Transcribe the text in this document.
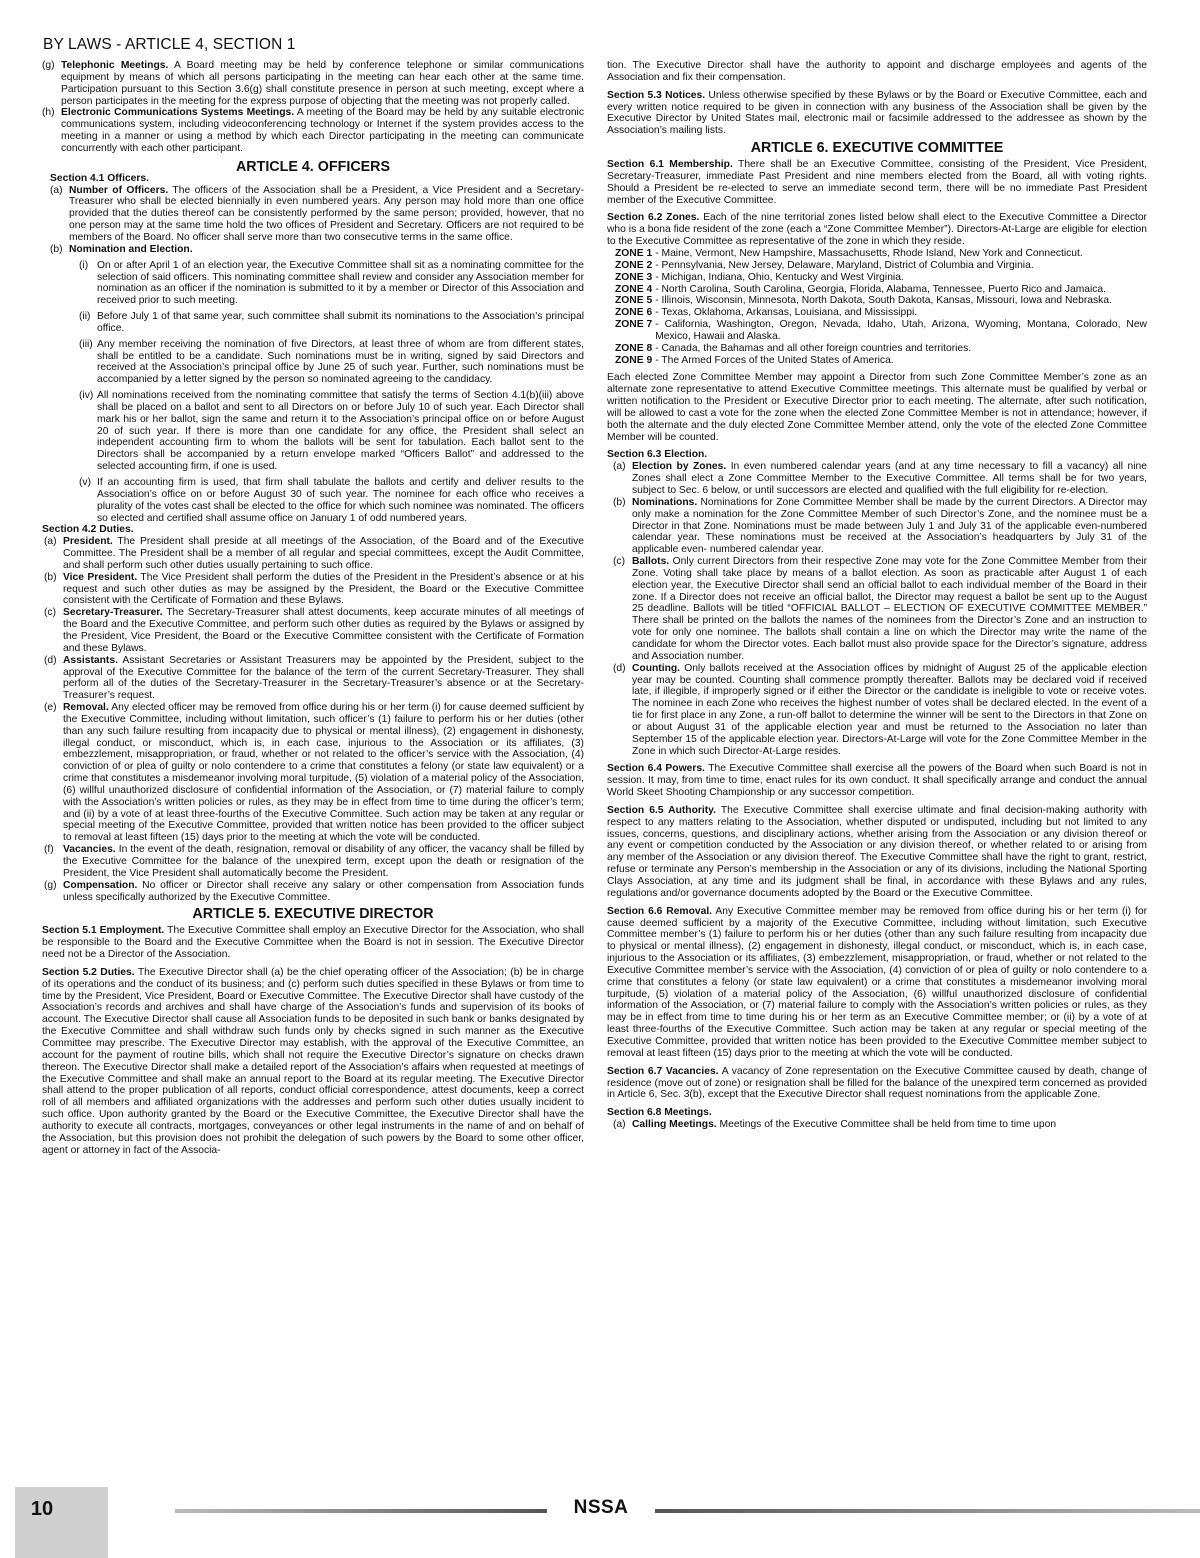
BY LAWS - ARTICLE 4, SECTION 1
(g) Telephonic Meetings. A Board meeting may be held by conference telephone or similar communications equipment by means of which all persons participating in the meeting can hear each other at the same time. Participation pursuant to this Section 3.6(g) shall constitute presence in person at such meeting, except where a person participates in the meeting for the express purpose of objecting that the meeting was not properly called.
(h) Electronic Communications Systems Meetings. A meeting of the Board may be held by any suitable electronic communications system, including videoconferencing technology or Internet if the system provides access to the meeting in a manner or using a method by which each Director participating in the meeting can communicate concurrently with each other participant.
ARTICLE 4. OFFICERS
Section 4.1 Officers.
(a) Number of Officers. The officers of the Association shall be a President, a Vice President and a Secretary-Treasurer who shall be elected biennially in even numbered years. Any person may hold more than one office provided that the duties thereof can be consistently performed by the same person; provided, however, that no one person may at the same time hold the two offices of President and Secretary. Officers are not required to be members of the Board. No officer shall serve more than two consecutive terms in the same office.
(b) Nomination and Election.
(i) On or after April 1 of an election year, the Executive Committee shall sit as a nominating committee for the selection of said officers. This nominating committee shall review and consider any Association member for nomination as an officer if the nomination is submitted to it by a member or Director of this Association and received prior to such meeting.
(ii) Before July 1 of that same year, such committee shall submit its nominations to the Association’s principal office.
(iii) Any member receiving the nomination of five Directors, at least three of whom are from different states, shall be entitled to be a candidate. Such nominations must be in writing, signed by said Directors and received at the Association’s principal office by June 25 of such year. Further, such nominations must be accompanied by a letter signed by the person so nominated agreeing to the candidacy.
(iv) All nominations received from the nominating committee that satisfy the terms of Section 4.1(b)(iii) above shall be placed on a ballot and sent to all Directors on or before July 10 of such year. Each Director shall mark his or her ballot, sign the same and return it to the Association’s principal office on or before August 20 of such year. If there is more than one candidate for any office, the President shall select an independent accounting firm to whom the ballots will be sent for tabulation. Each ballot sent to the Directors shall be accompanied by a return envelope marked “Officers Ballot” and addressed to the selected accounting firm, if one is used.
(v) If an accounting firm is used, that firm shall tabulate the ballots and certify and deliver results to the Association’s office on or before August 30 of such year. The nominee for each office who receives a plurality of the votes cast shall be elected to the office for which such nominee was nominated. The officers so elected and certified shall assume office on January 1 of odd numbered years.
Section 4.2 Duties.
(a) President. The President shall preside at all meetings of the Association, of the Board and of the Executive Committee. The President shall be a member of all regular and special committees, except the Audit Committee, and shall perform such other duties usually pertaining to such office.
(b) Vice President. The Vice President shall perform the duties of the President in the President’s absence or at his request and such other duties as may be assigned by the President, the Board or the Executive Committee consistent with the Certificate of Formation and these Bylaws.
(c) Secretary-Treasurer. The Secretary-Treasurer shall attest documents, keep accurate minutes of all meetings of the Board and the Executive Committee, and perform such other duties as required by the Bylaws or assigned by the President, Vice President, the Board or the Executive Committee consistent with the Certificate of Formation and these Bylaws.
(d) Assistants. Assistant Secretaries or Assistant Treasurers may be appointed by the President, subject to the approval of the Executive Committee for the balance of the term of the current Secretary-Treasurer. They shall perform all of the duties of the Secretary-Treasurer in the Secretary-Treasurer’s absence or at the Secretary-Treasurer’s request.
(e) Removal. Any elected officer may be removed from office during his or her term (i) for cause deemed sufficient by the Executive Committee, including without limitation, such officer’s (1) failure to perform his or her duties (other than any such failure resulting from incapacity due to physical or mental illness), (2) engagement in dishonesty, illegal conduct, or misconduct, which is, in each case, injurious to the Association or its affiliates, (3) embezzlement, misappropriation, or fraud, whether or not related to the officer’s service with the Association, (4) conviction of or plea of guilty or nolo contendere to a crime that constitutes a felony (or state law equivalent) or a crime that constitutes a misdemeanor involving moral turpitude, (5) violation of a material policy of the Association, (6) willful unauthorized disclosure of confidential information of the Association, or (7) material failure to comply with the Association’s written policies or rules, as they may be in effect from time to time during the officer’s term; and (ii) by a vote of at least three-fourths of the Executive Committee. Such action may be taken at any regular or special meeting of the Executive Committee, provided that written notice has been provided to the officer subject to removal at least fifteen (15) days prior to the meeting at which the vote will be conducted.
(f) Vacancies. In the event of the death, resignation, removal or disability of any officer, the vacancy shall be filled by the Executive Committee for the balance of the unexpired term, except upon the death or resignation of the President, the Vice President shall automatically become the President.
(g) Compensation. No officer or Director shall receive any salary or other compensation from Association funds unless specifically authorized by the Executive Committee.
ARTICLE 5. EXECUTIVE DIRECTOR

Section 5.1 Employment. The Executive Committee shall employ an Executive Director for the Association, who shall be responsible to the Board and the Executive Committee when the Board is not in session. The Executive Director need not be a Director of the Association.

Section 5.2 Duties. The Executive Director shall (a) be the chief operating officer of the Association; (b) be in charge of its operations and the conduct of its business; and (c) perform such duties specified in these Bylaws or from time to time by the President, Vice President, Board or Executive Committee. The Executive Director shall have custody of the Association’s records and archives and shall have charge of the Association’s funds and supervision of its books of account. The Executive Director shall cause all Association funds to be deposited in such bank or banks designated by the Executive Committee and shall withdraw such funds only by checks signed in such manner as the Executive Committee may prescribe. The Executive Director may establish, with the approval of the Executive Committee, an account for the payment of routine bills, which shall not require the Executive Director’s signature on checks drawn thereon. The Executive Director shall make a detailed report of the Association’s affairs when requested at meetings of the Executive Committee and shall make an annual report to the Board at its regular meeting. The Executive Director shall attend to the proper publication of all reports, conduct official correspondence, attest documents, keep a correct roll of all members and affiliated organizations with the addresses and perform such other duties usually incident to such office. Upon authority granted by the Board or the Executive Committee, the Executive Director shall have the authority to execute all contracts, mortgages, conveyances or other legal instruments in the name of and on behalf of the Association, but this provision does not prohibit the delegation of such powers by the Board to some other officer, agent or attorney in fact of the Associa-

tion. The Executive Director shall have the authority to appoint and discharge employees and agents of the Association and fix their compensation.

Section 5.3 Notices. Unless otherwise specified by these Bylaws or by the Board or Executive Committee, each and every written notice required to be given in connection with any business of the Association shall be given by the Executive Director by United States mail, electronic mail or facsimile addressed to the addressee as shown by the Association’s mailing lists.

ARTICLE 6. EXECUTIVE COMMITTEE

Section 6.1 Membership. There shall be an Executive Committee, consisting of the President, Vice President, Secretary-Treasurer, immediate Past President and nine members elected from the Board, all with voting rights. Should a President be re-elected to serve an immediate second term, there will be no immediate Past President member of the Executive Committee.

Section 6.2 Zones. Each of the nine territorial zones listed below shall elect to the Executive Committee a Director who is a bona fide resident of the zone (each a “Zone Committee Member”). Directors-At-Large are eligible for election to the Executive Committee as representative of the zone in which they reside.

ZONE 1 - Maine, Vermont, New Hampshire, Massachusetts, Rhode Island, New York and Connecticut.
ZONE 2 - Pennsylvania, New Jersey, Delaware, Maryland, District of Columbia and Virginia.
ZONE 3 - Michigan, Indiana, Ohio, Kentucky and West Virginia.
ZONE 4 - North Carolina, South Carolina, Georgia, Florida, Alabama, Tennessee, Puerto Rico and Jamaica.
ZONE 5 - Illinois, Wisconsin, Minnesota, North Dakota, South Dakota, Kansas, Missouri, Iowa and Nebraska.
ZONE 6 - Texas, Oklahoma, Arkansas, Louisiana, and Mississippi.
ZONE 7 - California, Washington, Oregon, Nevada, Idaho, Utah, Arizona, Wyoming, Montana, Colorado, New Mexico, Hawaii and Alaska.
ZONE 8 - Canada, the Bahamas and all other foreign countries and territories.
ZONE 9 - The Armed Forces of the United States of America.

Each elected Zone Committee Member may appoint a Director from such Zone Committee Member’s zone as an alternate zone representative to attend Executive Committee meetings. This alternate must be qualified by verbal or written notification to the President or Executive Director prior to each meeting. The alternate, after such notification, will be allowed to cast a vote for the zone when the elected Zone Committee Member is not in attendance; however, if both the alternate and the duly elected Zone Committee Member attend, only the vote of the elected Zone Committee Member will be counted.

Section 6.3 Election.
(a) Election by Zones. In even numbered calendar years (and at any time necessary to fill a vacancy) all nine Zones shall elect a Zone Committee Member to the Executive Committee. All terms shall be for two years, subject to Sec. 6 below, or until successors are elected and qualified with the full eligibility for re-election.
(b) Nominations. Nominations for Zone Committee Member shall be made by the current Directors. A Director may only make a nomination for the Zone Committee Member of such Director’s Zone, and the nominee must be a Director in that Zone. Nominations must be made between July 1 and July 31 of the applicable even-numbered calendar year. These nominations must be received at the Association’s headquarters by July 31 of the applicable even- numbered calendar year.
(c) Ballots. Only current Directors from their respective Zone may vote for the Zone Committee Member from their Zone. Voting shall take place by means of a ballot election. As soon as practicable after August 1 of each election year, the Executive Director shall send an official ballot to each individual member of the Board in their zone. If a Director does not receive an official ballot, the Director may request a ballot be sent up to the August 25 deadline. Ballots will be titled “OFFICIAL BALLOT – ELECTION OF EXECUTIVE COMMITTEE MEMBER.” There shall be printed on the ballots the names of the nominees from the Director’s Zone and an instruction to vote for only one nominee. The ballots shall contain a line on which the Director may write the name of the candidate for whom the Director votes. Each ballot must also provide space for the Director’s signature, address and Association number.
(d) Counting. Only ballots received at the Association offices by midnight of August 25 of the applicable election year may be counted. Counting shall commence promptly thereafter. Ballots may be declared void if received late, if illegible, if improperly signed or if either the Director or the candidate is ineligible to vote or receive votes. The nominee in each Zone who receives the highest number of votes shall be declared elected. In the event of a tie for first place in any Zone, a run-off ballot to determine the winner will be sent to the Directors in that Zone on or about August 31 of the applicable election year and must be returned to the Association no later than September 15 of the applicable election year. Directors-At-Large will vote for the Zone Committee Member in the Zone in which such Director-At-Large resides.

Section 6.4 Powers. The Executive Committee shall exercise all the powers of the Board when such Board is not in session. It may, from time to time, enact rules for its own conduct. It shall specifically arrange and conduct the annual World Skeet Shooting Championship or any successor competition.

Section 6.5 Authority. The Executive Committee shall exercise ultimate and final decision-making authority with respect to any matters relating to the Association, whether disputed or undisputed, including but not limited to any issues, concerns, questions, and disciplinary actions, whether arising from the Association or any division thereof or any event or competition conducted by the Association or any division thereof, or whether related to or arising from any member of the Association or any division thereof. The Executive Committee shall have the right to grant, restrict, refuse or terminate any Person’s membership in the Association or any of its divisions, including the National Sporting Clays Association, at any time and its judgment shall be final, in accordance with these Bylaws and any rules, regulations and/or governance documents adopted by the Board or the Executive Committee.

Section 6.6 Removal. Any Executive Committee member may be removed from office during his or her term (i) for cause deemed sufficient by a majority of the Executive Committee, including without limitation, such Executive Committee member’s (1) failure to perform his or her duties (other than any such failure resulting from incapacity due to physical or mental illness), (2) engagement in dishonesty, illegal conduct, or misconduct, which is, in each case, injurious to the Association or its affiliates, (3) embezzlement, misappropriation, or fraud, whether or not related to the Executive Committee member’s service with the Association, (4) conviction of or plea of guilty or nolo contendere to a crime that constitutes a felony (or state law equivalent) or a crime that constitutes a misdemeanor involving moral turpitude, (5) violation of a material policy of the Association, (6) willful unauthorized disclosure of confidential information of the Association, or (7) material failure to comply with the Association’s written policies or rules, as they may be in effect from time to time during his or her term as an Executive Committee member; or (ii) by a vote of at least three-fourths of the Executive Committee. Such action may be taken at any regular or special meeting of the Executive Committee, provided that written notice has been provided to the Executive Committee member subject to removal at least fifteen (15) days prior to the meeting at which the vote will be conducted.

Section 6.7 Vacancies. A vacancy of Zone representation on the Executive Committee caused by death, change of residence (move out of zone) or resignation shall be filled for the balance of the unexpired term concerned as provided in Article 6, Sec. 3(b), except that the Executive Director shall request nominations from the applicable Zone.

Section 6.8 Meetings.
(a) Calling Meetings. Meetings of the Executive Committee shall be held from time to time upon
10	NSSA
